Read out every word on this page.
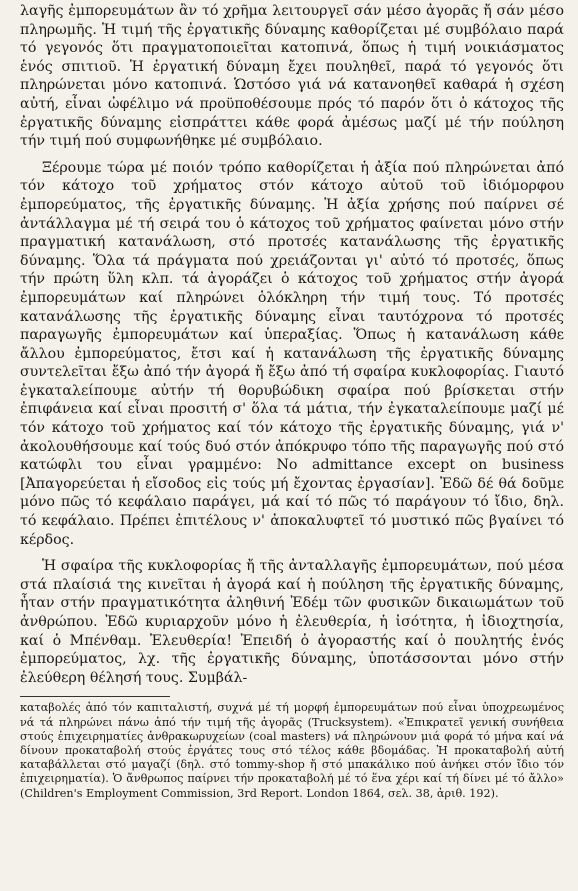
λαγῆς ἐμπορευμάτων ἂν τό χρῆμα λειτουργεῖ σάν μέσο ἀγορᾶς ἤ σάν μέσο πληρωμῆς. Ἡ τιμή τῆς ἐργατικῆς δύναμης καθορίζεται μέ συμβόλαιο παρά τό γεγονός ὅτι πραγματοποιεῖται κατοπινά, ὅπως ἡ τιμή νοικιάσματος ἑνός σπιτιοῦ. Ἡ ἐργατική δύναμη ἔχει πουληθεῖ, παρά τό γεγονός ὅτι πληρώνεται μόνο κατοπινά. Ὡστόσο γιά νά κατανοηθεῖ καθαρά ἡ σχέση αὐτή, εἶναι ὠφέλιμο νά προϋποθέσουμε πρός τό παρόν ὅτι ὁ κάτοχος τῆς ἐργατικῆς δύναμης εἰσπράττει κάθε φορά ἀμέσως μαζί μέ τήν πούληση τήν τιμή πού συμφωνήθηκε μέ συμβόλαιο.

Ξέρουμε τώρα μέ ποιόν τρόπο καθορίζεται ἡ ἀξία πού πληρώνεται ἀπό τόν κάτοχο τοῦ χρήματος στόν κάτοχο αὐτοῦ τοῦ ἰδιόμορφου ἐμπορεύματος, τῆς ἐργατικῆς δύναμης. Ἡ ἀξία χρήσης πού παίρνει σέ ἀντάλλαγμα μέ τή σειρά του ὁ κάτοχος τοῦ χρήματος φαίνεται μόνο στήν πραγματική κατανάλωση, στό προτσές κατανάλωσης τῆς ἐργατικῆς δύναμης. Ὅλα τά πράγματα πού χρειάζονται γι' αὐτό τό προτσές, ὅπως τήν πρώτη ὕλη κλπ. τά ἀγοράζει ὁ κάτοχος τοῦ χρήματος στήν ἀγορά ἐμπορευμάτων καί πληρώνει ὁλόκληρη τήν τιμή τους. Τό προτσές κατανάλωσης τῆς ἐργατικῆς δύναμης εἶναι ταυτόχρονα τό προτσές παραγωγῆς ἐμπορευμάτων καί ὑπεραξίας. Ὅπως ἡ κατανάλωση κάθε ἄλλου ἐμπορεύματος, ἔτσι καί ἡ κατανάλωση τῆς ἐργατικῆς δύναμης συντελεῖται ἔξω ἀπό τήν ἀγορά ἤ ἔξω ἀπό τή σφαίρα κυκλοφορίας. Γιαυτό ἐγκαταλείπουμε αὐτήν τή θορυβώδικη σφαίρα πού βρίσκεται στήν ἐπιφάνεια καί εἶναι προσιτή σ' ὅλα τά μάτια, τήν ἐγκαταλείπουμε μαζί μέ τόν κάτοχο τοῦ χρήματος καί τόν κάτοχο τῆς ἐργατικῆς δύναμης, γιά ν' ἀκολουθήσουμε καί τούς δυό στόν ἀπόκρυφο τόπο τῆς παραγωγῆς πού στό κατώφλι του εἶναι γραμμένο: No admittance except on business [Ἀπαγορεύεται ἡ εἴσοδος εἰς τούς μή ἔχοντας ἐργασίαν]. Ἐδῶ δέ θά δοῦμε μόνο πῶς τό κεφάλαιο παράγει, μά καί τό πῶς τό παράγουν τό ἴδιο, δηλ. τό κεφάλαιο. Πρέπει ἐπιτέλους ν' ἀποκαλυφτεῖ τό μυστικό πῶς βγαίνει τό κέρδος.

Ἡ σφαίρα τῆς κυκλοφορίας ἤ τῆς ἀνταλλαγῆς ἐμπορευμάτων, πού μέσα στά πλαίσιά της κινεῖται ἡ ἀγορά καί ἡ πούληση τῆς ἐργατικῆς δύναμης, ἦταν στήν πραγματικότητα ἀληθινή Ἐδέμ τῶν φυσικῶν δικαιωμάτων τοῦ ἀνθρώπου. Ἐδῶ κυριαρχοῦν μόνο ἡ ἐλευθερία, ἡ ἰσότητα, ἡ ἰδιοχτησία, καί ὁ Μπένθαμ. Ἐλευθερία! Ἐπειδή ὁ ἀγοραστής καί ὁ πουλητής ἑνός ἐμπορεύματος, λχ. τῆς ἐργατικῆς δύναμης, ὑποτάσσονται μόνο στήν ἐλεύθερη θέλησή τους. Συμβάλ-

καταβολές ἀπό τόν καπιταλιστή, συχνά μέ τή μορφή ἐμπορευμάτων πού εἶναι ὑποχρεωμένος νά τά πληρώνει πάνω ἀπό τήν τιμή τῆς ἀγορᾶς (Trucksystem). «Ἐπικρατεῖ γενική συνήθεια στούς ἐπιχειρηματίες ἀνθρακωρυχείων (coal masters) νά πληρώνουν μιά φορά τό μήνα καί νά δίνουν προκαταβολή στούς ἐργάτες τους στό τέλος κάθε βδομάδας. Ἡ προκαταβολή αὐτή καταβάλλεται στό μαγαζί (δηλ. στό tommy-shop ἤ στό μπακάλικο πού ἀνήκει στόν ἴδιο τόν ἐπιχειρηματία). Ὁ ἄνθρωπος παίρνει τήν προκαταβολή μέ τό ἕνα χέρι καί τή δίνει μέ τό ἄλλο» (Children's Employment Commission, 3rd Report. London 1864, σελ. 38, ἀριθ. 192).
